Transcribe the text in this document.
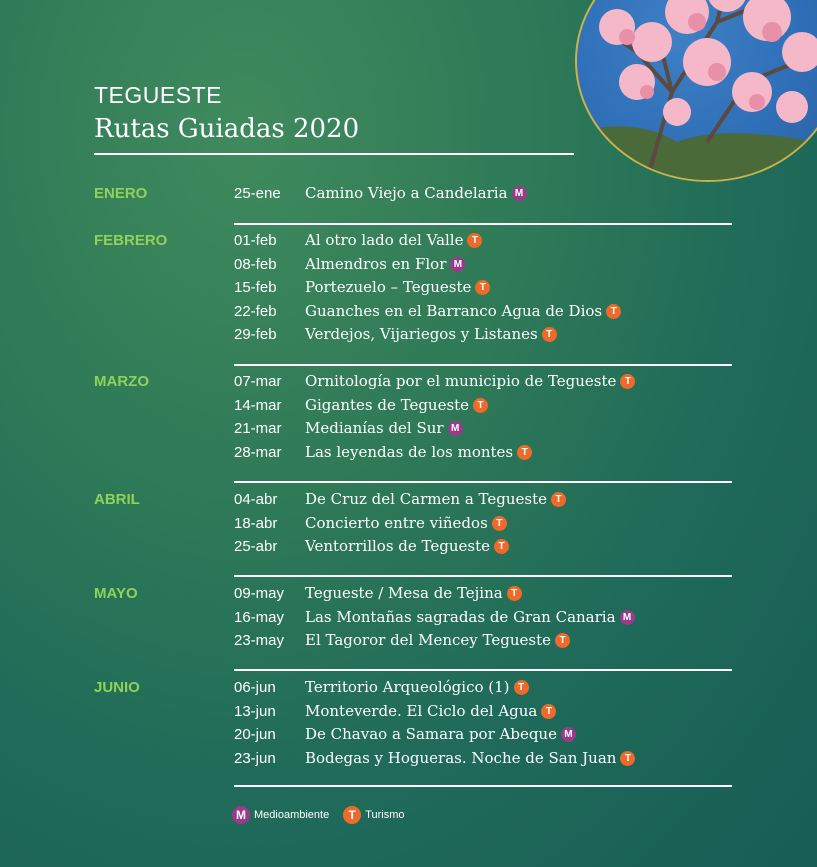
TEGUESTE
Rutas Guiadas 2020
ENERO	25-ene Camino Viejo a Candelaria M
FEBRERO	01-feb Al otro lado del Valle T
08-feb Almendros en Flor M
15-feb Portezuelo – Tegueste T
22-feb Guanches en el Barranco Agua de Dios T
29-feb Verdejos, Vijariegos y Listanes T
MARZO	07-mar Ornitología por el municipio de Tegueste T
14-mar Gigantes de Tegueste T
21-mar Medianías del Sur M
28-mar Las leyendas de los montes T
ABRIL	04-abr De Cruz del Carmen a Tegueste T
18-abr Concierto entre viñedos T
25-abr Ventorrillos de Tegueste T
MAYO	09-may Tegueste / Mesa de Tejina T
16-may Las Montañas sagradas de Gran Canaria M
23-may El Tagoror del Mencey Tegueste T
JUNIO	06-jun Territorio Arqueológico (1) T
13-jun Monteverde. El Ciclo del Agua T
20-jun De Chavao a Samara por Abeque M
23-jun Bodegas y Hogueras. Noche de San Juan T
M Medioambiente	T Turismo
